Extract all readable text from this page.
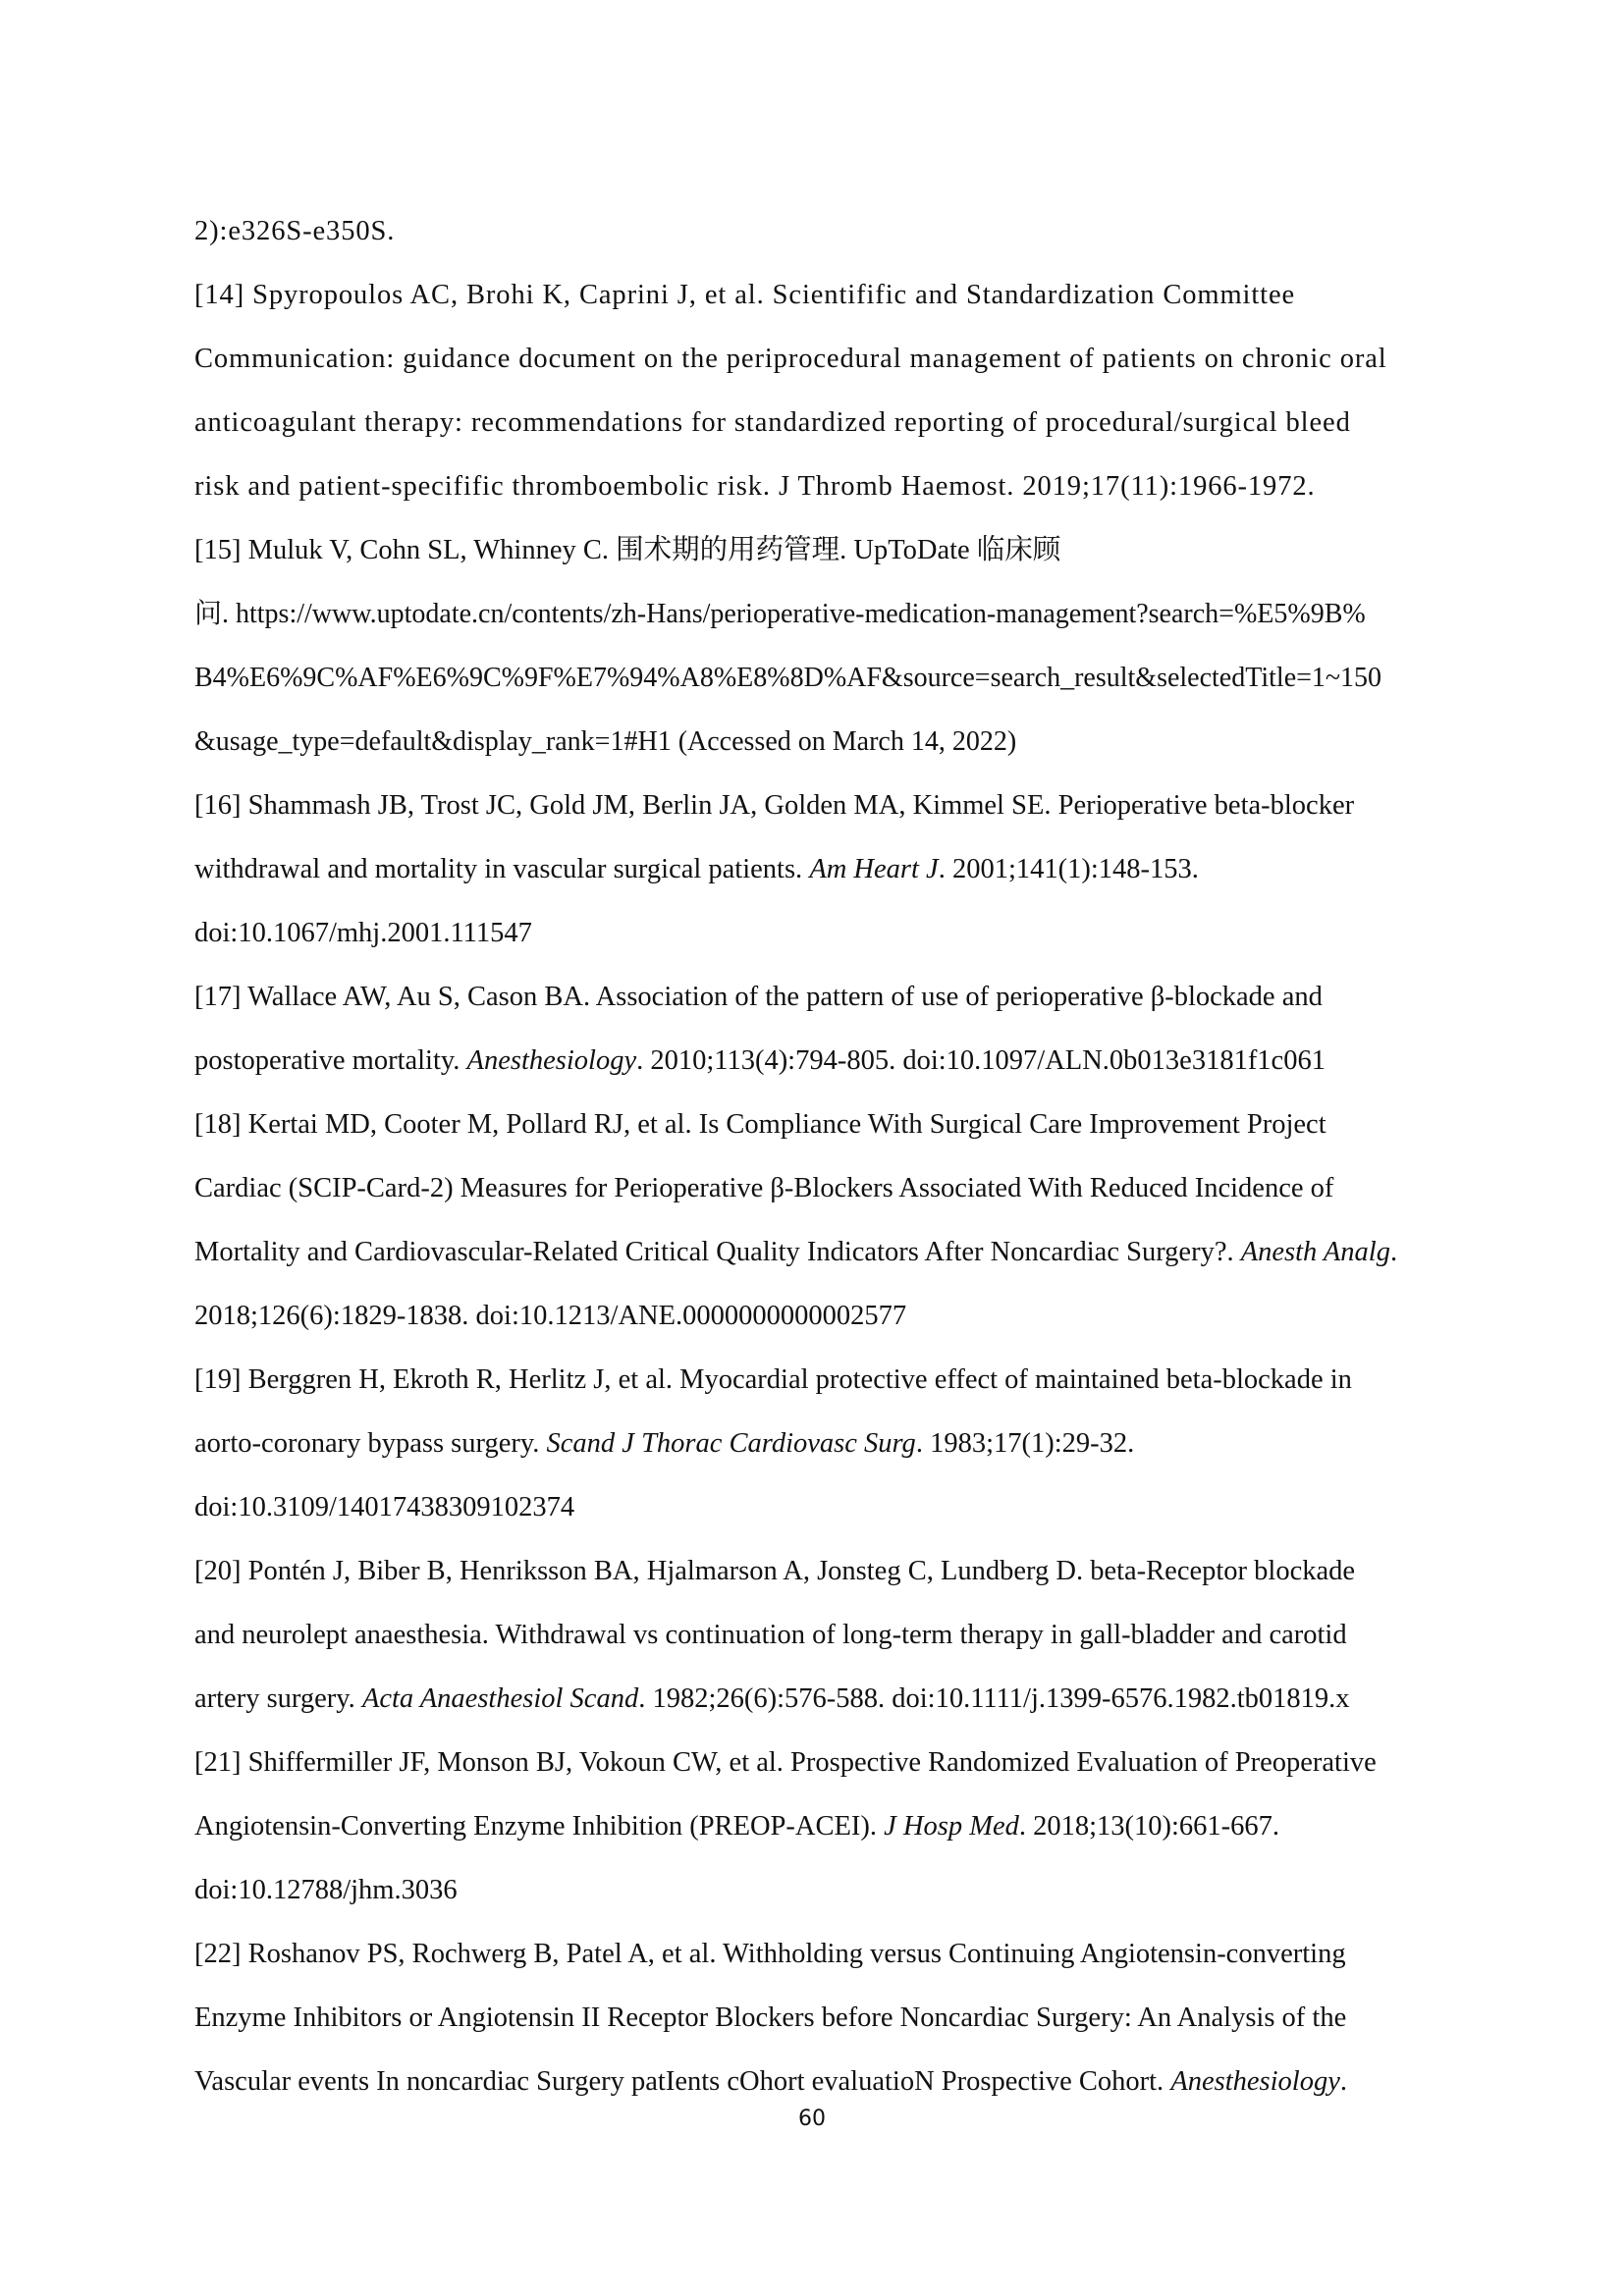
2):e326S-e350S.
[14] Spyropoulos AC, Brohi K, Caprini J, et al. Scientifific and Standardization Committee
Communication: guidance document on the periprocedural management of patients on chronic oral
anticoagulant therapy: recommendations for standardized reporting of procedural/surgical bleed
risk and patient-specifific thromboembolic risk. J Thromb Haemost. 2019;17(11):1966-1972.
[15] Muluk V, Cohn SL, Whinney C. 围术期的用药管理. UpToDate 临床顾
问. https://www.uptodate.cn/contents/zh-Hans/perioperative-medication-management?search=%E5%9B%
B4%E6%9C%AF%E6%9C%9F%E7%94%A8%E8%8D%AF&source=search_result&selectedTitle=1~150
&usage_type=default&display_rank=1#H1 (Accessed on March 14, 2022)
[16] Shammash JB, Trost JC, Gold JM, Berlin JA, Golden MA, Kimmel SE. Perioperative beta-blocker
withdrawal and mortality in vascular surgical patients. Am Heart J. 2001;141(1):148-153.
doi:10.1067/mhj.2001.111547
[17] Wallace AW, Au S, Cason BA. Association of the pattern of use of perioperative β-blockade and
postoperative mortality. Anesthesiology. 2010;113(4):794-805. doi:10.1097/ALN.0b013e3181f1c061
[18] Kertai MD, Cooter M, Pollard RJ, et al. Is Compliance With Surgical Care Improvement Project
Cardiac (SCIP-Card-2) Measures for Perioperative β-Blockers Associated With Reduced Incidence of
Mortality and Cardiovascular-Related Critical Quality Indicators After Noncardiac Surgery?. Anesth Analg.
2018;126(6):1829-1838. doi:10.1213/ANE.0000000000002577
[19] Berggren H, Ekroth R, Herlitz J, et al. Myocardial protective effect of maintained beta-blockade in
aorto-coronary bypass surgery. Scand J Thorac Cardiovasc Surg. 1983;17(1):29-32.
doi:10.3109/14017438309102374
[20] Pontén J, Biber B, Henriksson BA, Hjalmarson A, Jonsteg C, Lundberg D. beta-Receptor blockade
and neurolept anaesthesia. Withdrawal vs continuation of long-term therapy in gall-bladder and carotid
artery surgery. Acta Anaesthesiol Scand. 1982;26(6):576-588. doi:10.1111/j.1399-6576.1982.tb01819.x
[21] Shiffermiller JF, Monson BJ, Vokoun CW, et al. Prospective Randomized Evaluation of Preoperative
Angiotensin-Converting Enzyme Inhibition (PREOP-ACEI). J Hosp Med. 2018;13(10):661-667.
doi:10.12788/jhm.3036
[22] Roshanov PS, Rochwerg B, Patel A, et al. Withholding versus Continuing Angiotensin-converting
Enzyme Inhibitors or Angiotensin II Receptor Blockers before Noncardiac Surgery: An Analysis of the
Vascular events In noncardiac Surgery patIents cOhort evaluatioN Prospective Cohort. Anesthesiology.
60
